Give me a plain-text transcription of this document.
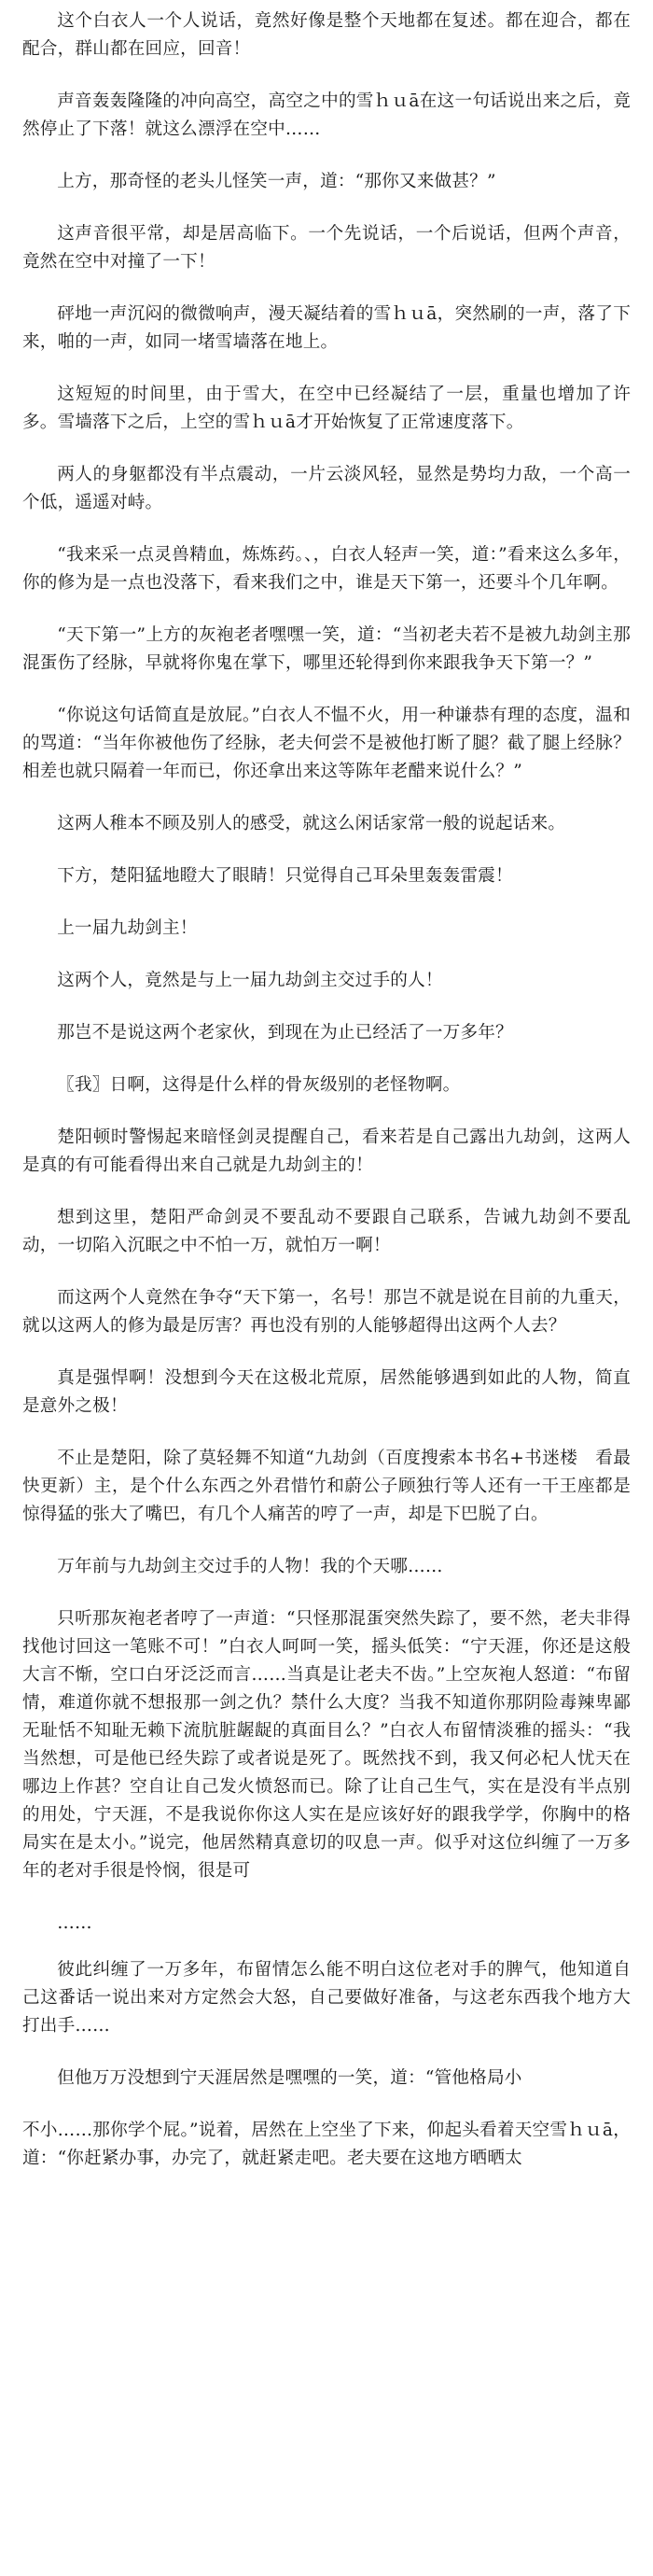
这个白衣人一个人说话，竟然好像是整个天地都在复述。都在迎合，都在配合，群山都在回应，回音！

声音轰轰隆隆的冲向高空，高空之中的雪ｈｕā在这一句话说出来之后，竟然停止了下落！就这么漂浮在空中……

上方，那奇怪的老头儿怪笑一声，道：“那你又来做甚？”

这声音很平常，却是居高临下。一个先说话，一个后说话，但两个声音，竟然在空中对撞了一下！

砰地一声沉闷的微微响声，漫天凝结着的雪ｈｕā，突然刷的一声，落了下来，啪的一声，如同一堵雪墙落在地上。

这短短的时间里，由于雪大，在空中已经凝结了一层，重量也增加了许多。雪墙落下之后，上空的雪ｈｕā才开始恢复了正常速度落下。

两人的身躯都没有半点震动，一片云淡风轻，显然是势均力敌，一个高一个低，遥遥对峙。

“我来采一点灵兽精血，炼炼药。、，白衣人轻声一笑，道：”看来这么多年，你的修为是一点也没落下，看来我们之中，谁是天下第一，还要斗个几年啊。

“天下第一”上方的灰袍老者嘿嘿一笑，道：“当初老夫若不是被九劫剑主那混蛋伤了经脉，早就将你鬼在掌下，哪里还轮得到你来跟我争天下第一？”

“你说这句话简直是放屁。”白衣人不愠不火，用一种谦恭有理的态度，温和的骂道：“当年你被他伤了经脉，老夫何尝不是被他打断了腿？截了腿上经脉？相差也就只隔着一年而已，你还拿出来这等陈年老醋来说什么？”

这两人稚本不顾及别人的感受，就这么闲话家常一般的说起话来。

下方，楚阳猛地瞪大了眼睛！只觉得自己耳朵里轰轰雷震！

上一届九劫剑主！

这两个人，竟然是与上一届九劫剑主交过手的人！

那岂不是说这两个老家伙，到现在为止已经活了一万多年？

〖我〗日啊，这得是什么样的骨灰级别的老怪物啊。

楚阳顿时警惕起来暗怪剑灵提醒自己，看来若是自己露出九劫剑，这两人是真的有可能看得出来自己就是九劫剑主的！

想到这里，楚阳严命剑灵不要乱动不要跟自己联系，告诫九劫剑不要乱动，一切陷入沉眠之中不怕一万，就怕万一啊！

而这两个人竟然在争夺“天下第一，名号！那岂不就是说在目前的九重天，就以这两人的修为最是厉害？再也没有别的人能够超得出这两个人去？

真是强悍啊！没想到今天在这极北荒原，居然能够遇到如此的人物，简直是意外之极！

不止是楚阳，除了莫轻舞不知道“九劫剑（百度搜索本书名+书迷楼　看最快更新）主，是个什么东西之外君惜竹和蔚公子顾独行等人还有一干王座都是惊得猛的张大了嘴巴，有几个人痛苦的哼了一声，却是下巴脱了白。

万年前与九劫剑主交过手的人物！我的个天哪……

只听那灰袍老者哼了一声道：“只怪那混蛋突然失踪了，要不然，老夫非得找他讨回这一笔账不可！”白衣人呵呵一笑，摇头低笑：“宁天涯，你还是这般大言不惭，空口白牙泛泛而言……当真是让老夫不齿。”上空灰袍人怒道：“布留情，难道你就不想报那一剑之仇？禁什么大度？当我不知道你那阴险毒辣卑鄙无耻恬不知耻无赖下流肮脏龌龊的真面目么？”白衣人布留情淡雅的摇头：“我当然想，可是他已经失踪了或者说是死了。既然找不到，我又何必杞人忧天在哪边上作甚？空自让自己发火愤怒而已。除了让自己生气，实在是没有半点别的用处，宁天涯，不是我说你你这人实在是应该好好的跟我学学，你胸中的格局实在是太小。”说完，他居然精真意切的叹息一声。似乎对这位纠缠了一万多年的老对手很是怜悯，很是可

……

彼此纠缠了一万多年，布留情怎么能不明白这位老对手的脾气，他知道自己这番话一说出来对方定然会大怒，自己要做好准备，与这老东西我个地方大打出手……

但他万万没想到宁天涯居然是嘿嘿的一笑，道：“管他格局小

不小……那你学个屁。”说着，居然在上空坐了下来，仰起头看着天空雪ｈｕā，道：“你赶紧办事，办完了，就赶紧走吧。老夫要在这地方晒晒太
